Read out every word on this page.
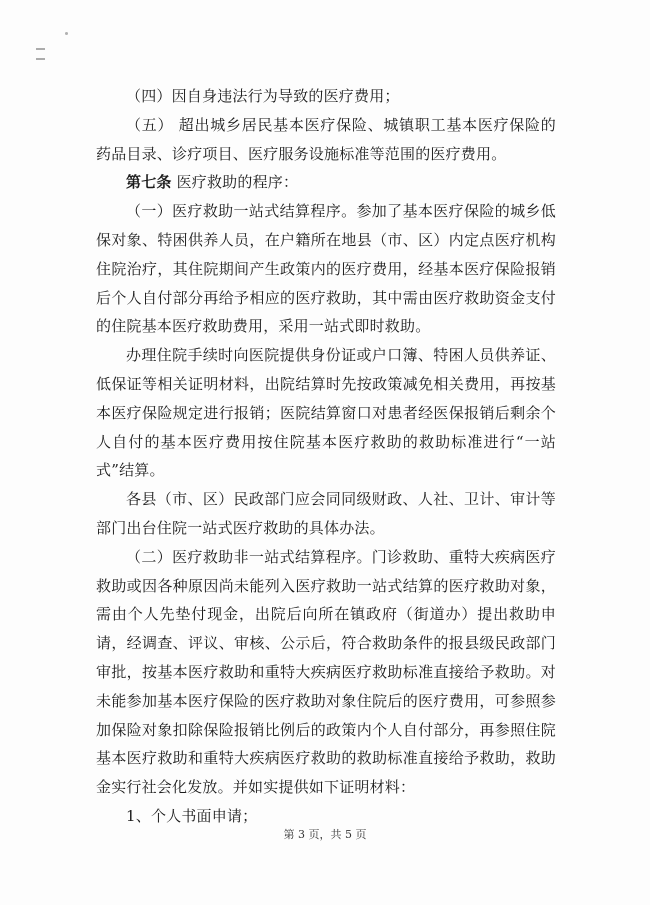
（四）因自身违法行为导致的医疗费用；

（五） 超出城乡居民基本医疗保险、城镇职工基本医疗保险的药品目录、诊疗项目、医疗服务设施标准等范围的医疗费用。

第七条 医疗救助的程序：

（一）医疗救助一站式结算程序。参加了基本医疗保险的城乡低保对象、特困供养人员，在户籍所在地县（市、区）内定点医疗机构住院治疗，其住院期间产生政策内的医疗费用，经基本医疗保险报销后个人自付部分再给予相应的医疗救助，其中需由医疗救助资金支付的住院基本医疗救助费用，采用一站式即时救助。

办理住院手续时向医院提供身份证或户口簿、特困人员供养证、低保证等相关证明材料，出院结算时先按政策减免相关费用，再按基本医疗保险规定进行报销；医院结算窗口对患者经医保报销后剩余个人自付的基本医疗费用按住院基本医疗救助的救助标准进行“一站式”结算。

各县（市、区）民政部门应会同同级财政、人社、卫计、审计等部门出台住院一站式医疗救助的具体办法。

（二）医疗救助非一站式结算程序。门诊救助、重特大疾病医疗救助或因各种原因尚未能列入医疗救助一站式结算的医疗救助对象，需由个人先垫付现金，出院后向所在镇政府（街道办）提出救助申请，经调查、评议、审核、公示后，符合救助条件的报县级民政部门审批，按基本医疗救助和重特大疾病医疗救助标准直接给予救助。对未能参加基本医疗保险的医疗救助对象住院后的医疗费用，可参照参加保险对象扣除保险报销比例后的政策内个人自付部分，再参照住院基本医疗救助和重特大疾病医疗救助的救助标准直接给予救助，救助金实行社会化发放。并如实提供如下证明材料：

1、个人书面申请；

第 3 页，共 5 页
